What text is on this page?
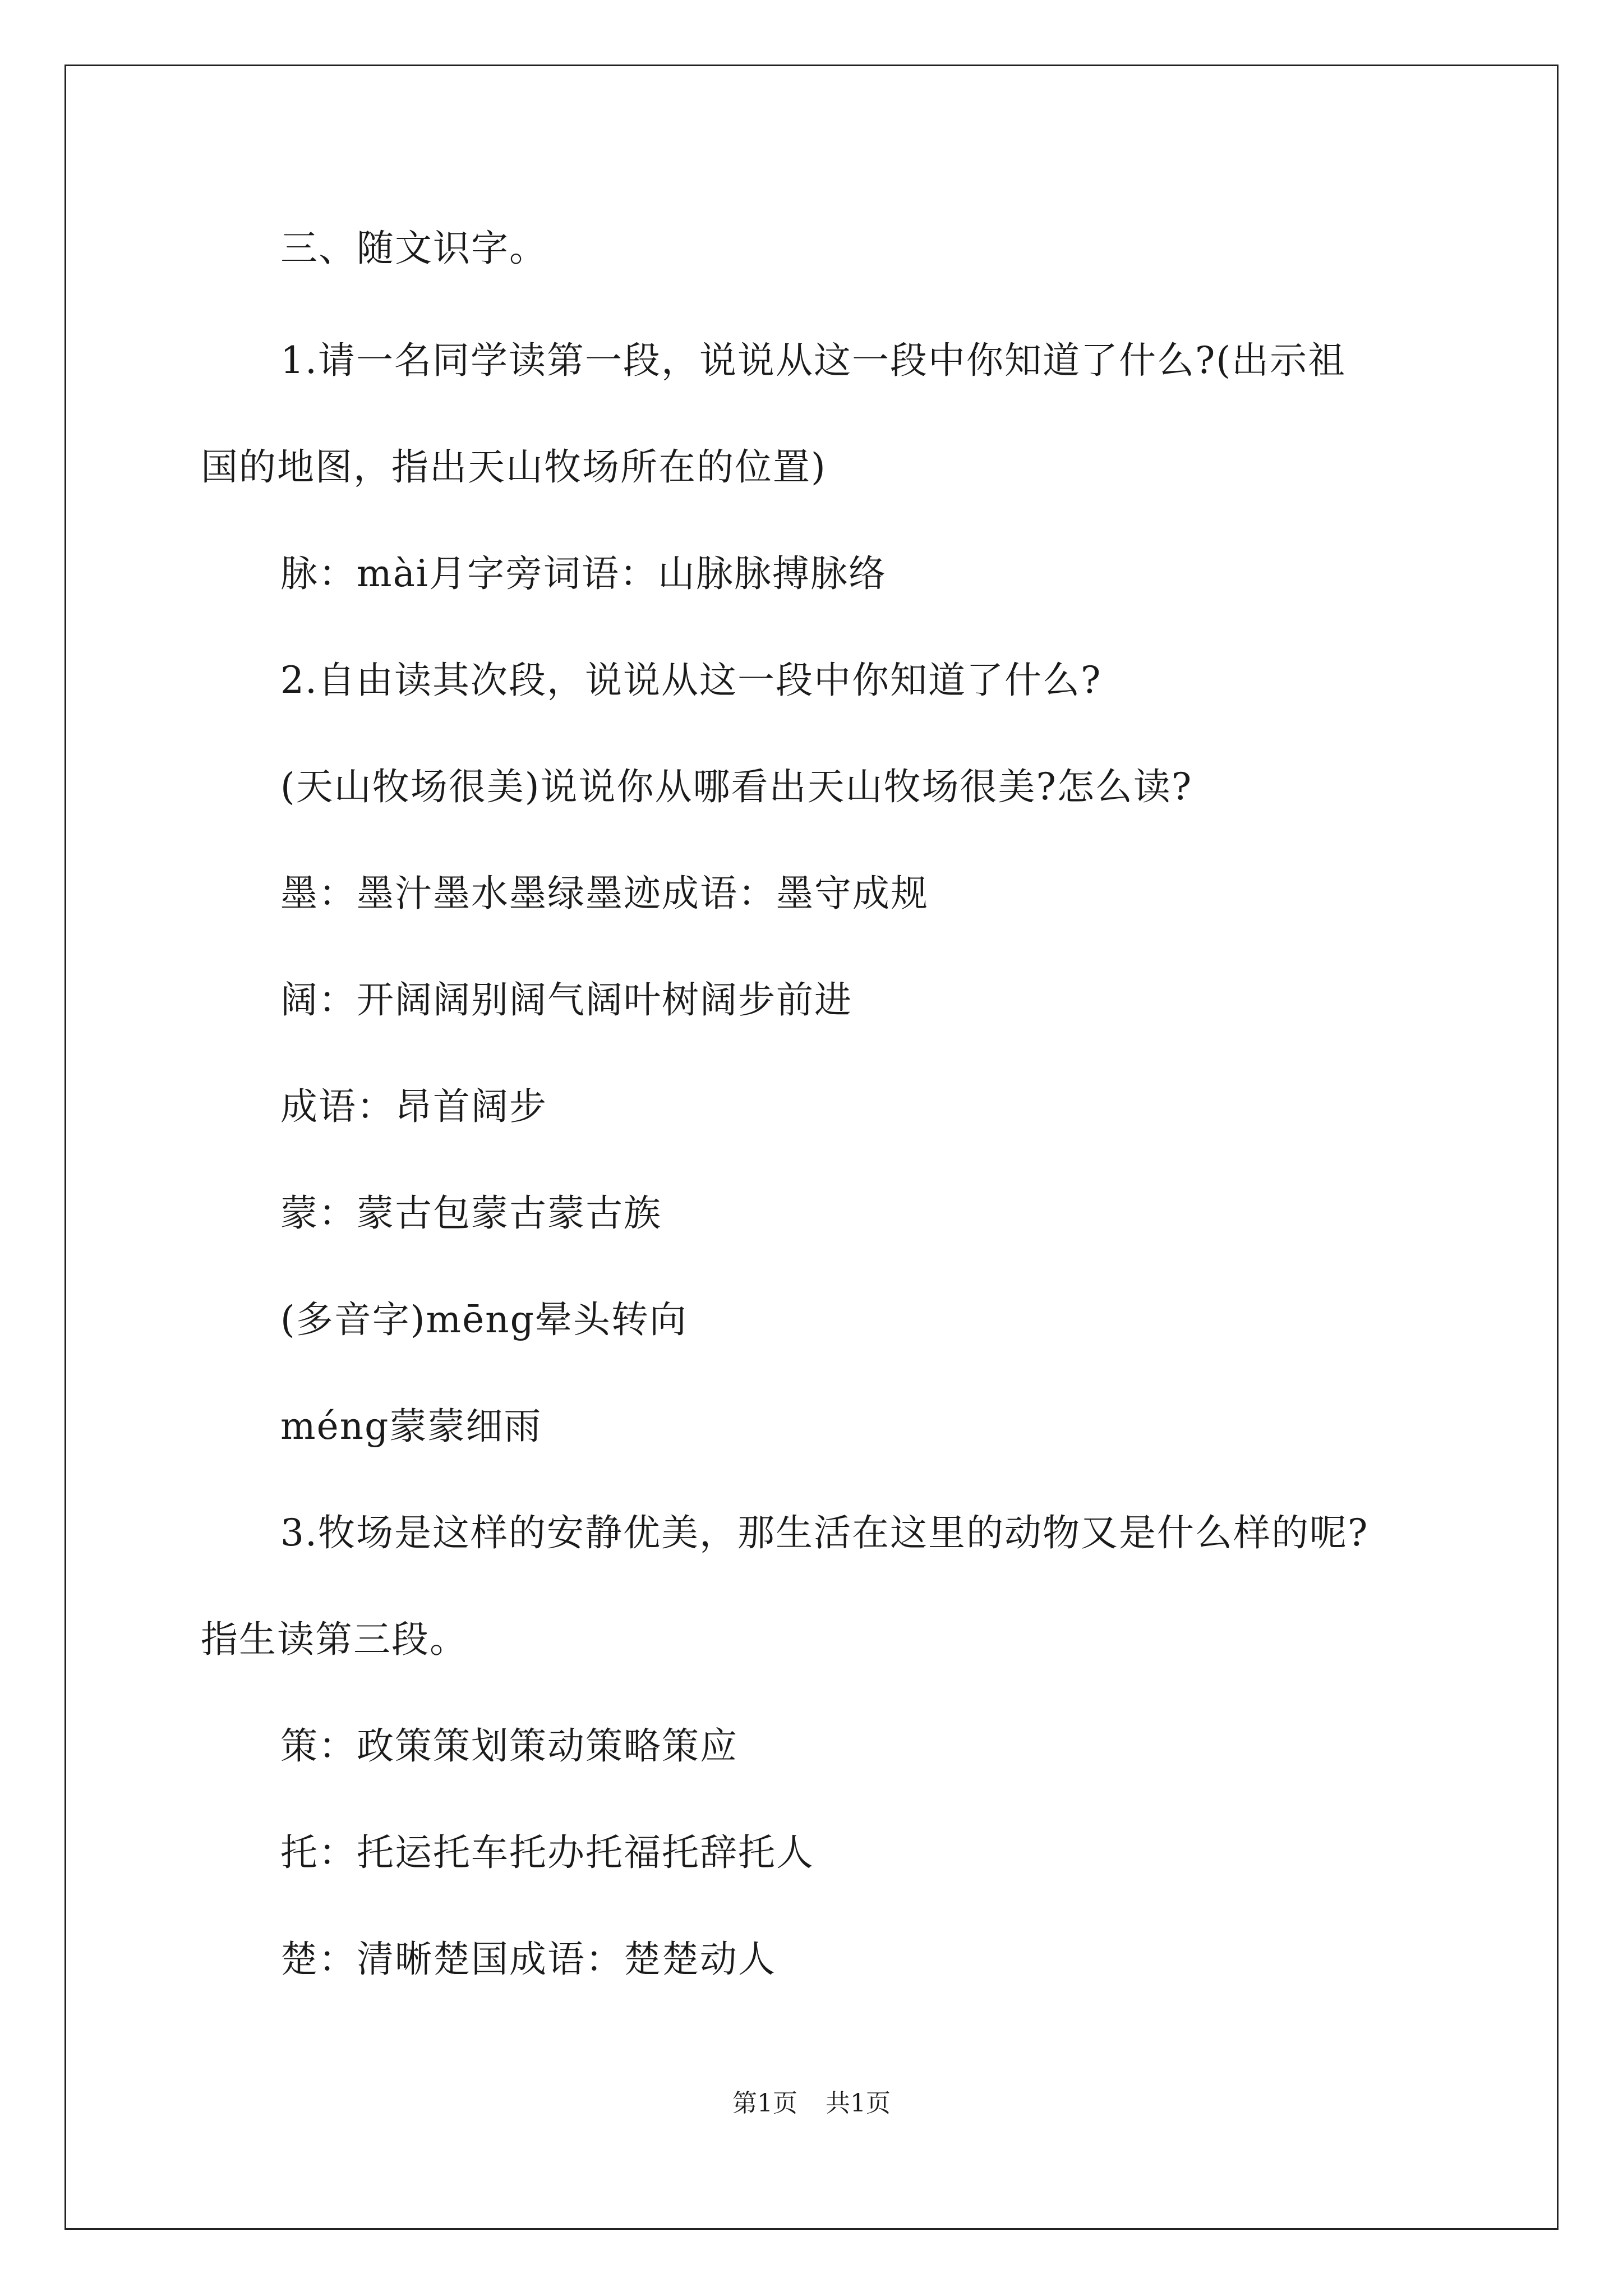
三、随文识字。
1.请一名同学读第一段，说说从这一段中你知道了什么?(出示祖
国的地图，指出天山牧场所在的位置)
脉：mài月字旁词语：山脉脉搏脉络
2.自由读其次段，说说从这一段中你知道了什么?
(天山牧场很美)说说你从哪看出天山牧场很美?怎么读?
墨：墨汁墨水墨绿墨迹成语：墨守成规
阔：开阔阔别阔气阔叶树阔步前进
成语：昂首阔步
蒙：蒙古包蒙古蒙古族
(多音字)mēng晕头转向
méng蒙蒙细雨
3.牧场是这样的安静优美，那生活在这里的动物又是什么样的呢?
指生读第三段。
策：政策策划策动策略策应
托：托运托车托办托福托辞托人
楚：清晰楚国成语：楚楚动人
第1页 共1页
